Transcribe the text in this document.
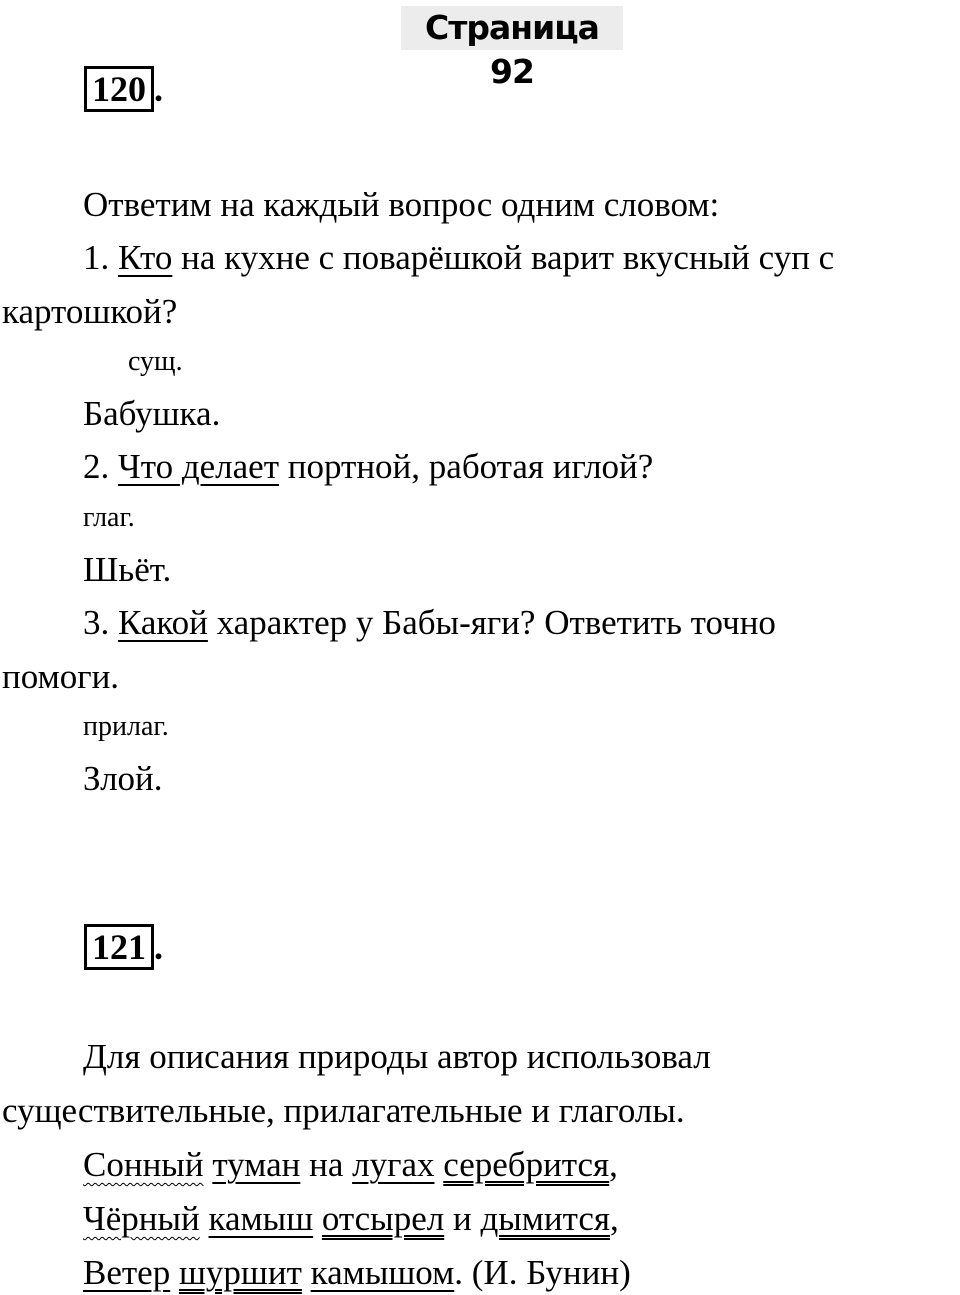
Страница 92
120 .
Ответим на каждый вопрос одним словом:
1. Кто на кухне с поварёшкой варит вкусный суп с
картошкой?
сущ.
Бабушка.
2. Что делает портной, работая иглой?
глаг.
Шьёт.
3. Какой характер у Бабы-яги? Ответить точно
помоги.
прилаг.
Злой.
121 .
Для описания природы автор использовал
существительные, прилагательные и глаголы.
Сонный туман на лугах серебрится,
Чёрный камыш отсырел и дымится,
Ветер шуршит камышом. (И. Бунин)
